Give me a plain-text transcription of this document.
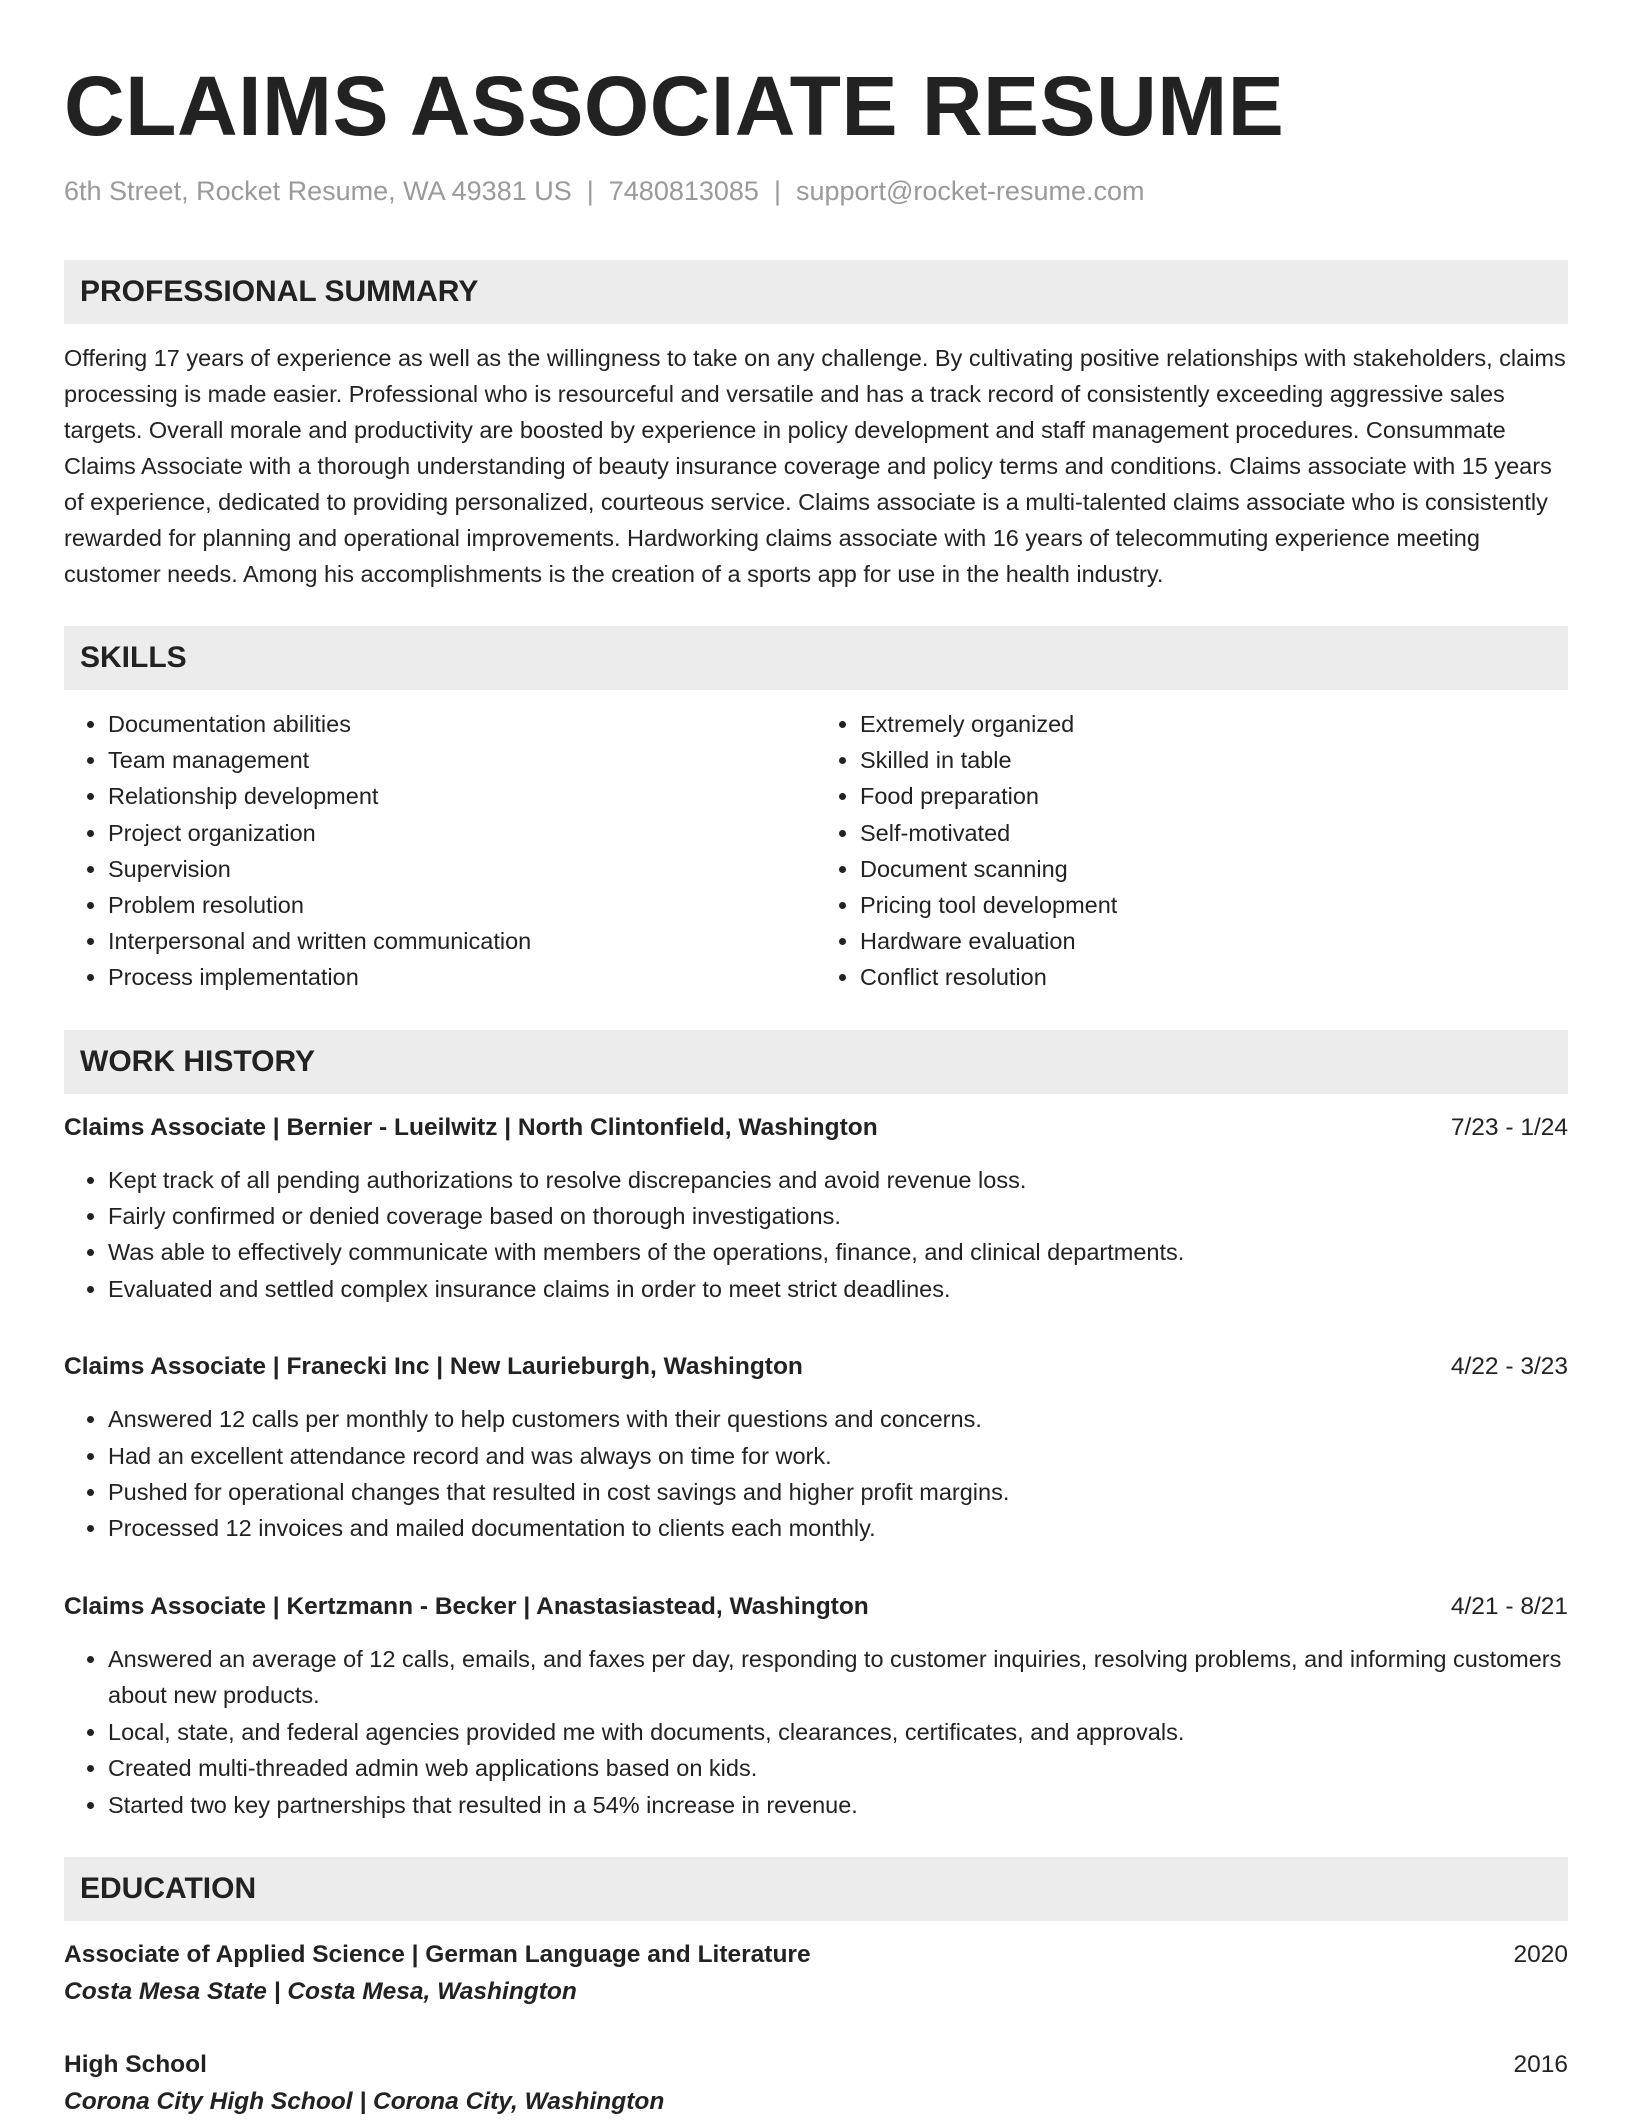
CLAIMS ASSOCIATE RESUME
6th Street, Rocket Resume, WA 49381 US | 7480813085 | support@rocket-resume.com
PROFESSIONAL SUMMARY
Offering 17 years of experience as well as the willingness to take on any challenge. By cultivating positive relationships with stakeholders, claims processing is made easier. Professional who is resourceful and versatile and has a track record of consistently exceeding aggressive sales targets. Overall morale and productivity are boosted by experience in policy development and staff management procedures. Consummate Claims Associate with a thorough understanding of beauty insurance coverage and policy terms and conditions. Claims associate with 15 years of experience, dedicated to providing personalized, courteous service. Claims associate is a multi-talented claims associate who is consistently rewarded for planning and operational improvements. Hardworking claims associate with 16 years of telecommuting experience meeting customer needs. Among his accomplishments is the creation of a sports app for use in the health industry.
SKILLS
• Documentation abilities
• Team management
• Relationship development
• Project organization
• Supervision
• Problem resolution
• Interpersonal and written communication
• Process implementation
• Extremely organized
• Skilled in table
• Food preparation
• Self-motivated
• Document scanning
• Pricing tool development
• Hardware evaluation
• Conflict resolution
WORK HISTORY
Claims Associate | Bernier - Lueilwitz | North Clintonfield, Washington	7/23 - 1/24
• Kept track of all pending authorizations to resolve discrepancies and avoid revenue loss.
• Fairly confirmed or denied coverage based on thorough investigations.
• Was able to effectively communicate with members of the operations, finance, and clinical departments.
• Evaluated and settled complex insurance claims in order to meet strict deadlines.
Claims Associate | Franecki Inc | New Laurieburgh, Washington	4/22 - 3/23
• Answered 12 calls per monthly to help customers with their questions and concerns.
• Had an excellent attendance record and was always on time for work.
• Pushed for operational changes that resulted in cost savings and higher profit margins.
• Processed 12 invoices and mailed documentation to clients each monthly.
Claims Associate | Kertzmann - Becker | Anastasiastead, Washington	4/21 - 8/21
• Answered an average of 12 calls, emails, and faxes per day, responding to customer inquiries, resolving problems, and informing customers about new products.
• Local, state, and federal agencies provided me with documents, clearances, certificates, and approvals.
• Created multi-threaded admin web applications based on kids.
• Started two key partnerships that resulted in a 54% increase in revenue.
EDUCATION
Associate of Applied Science | German Language and Literature	2020
Costa Mesa State | Costa Mesa, Washington
High School	2016
Corona City High School | Corona City, Washington
